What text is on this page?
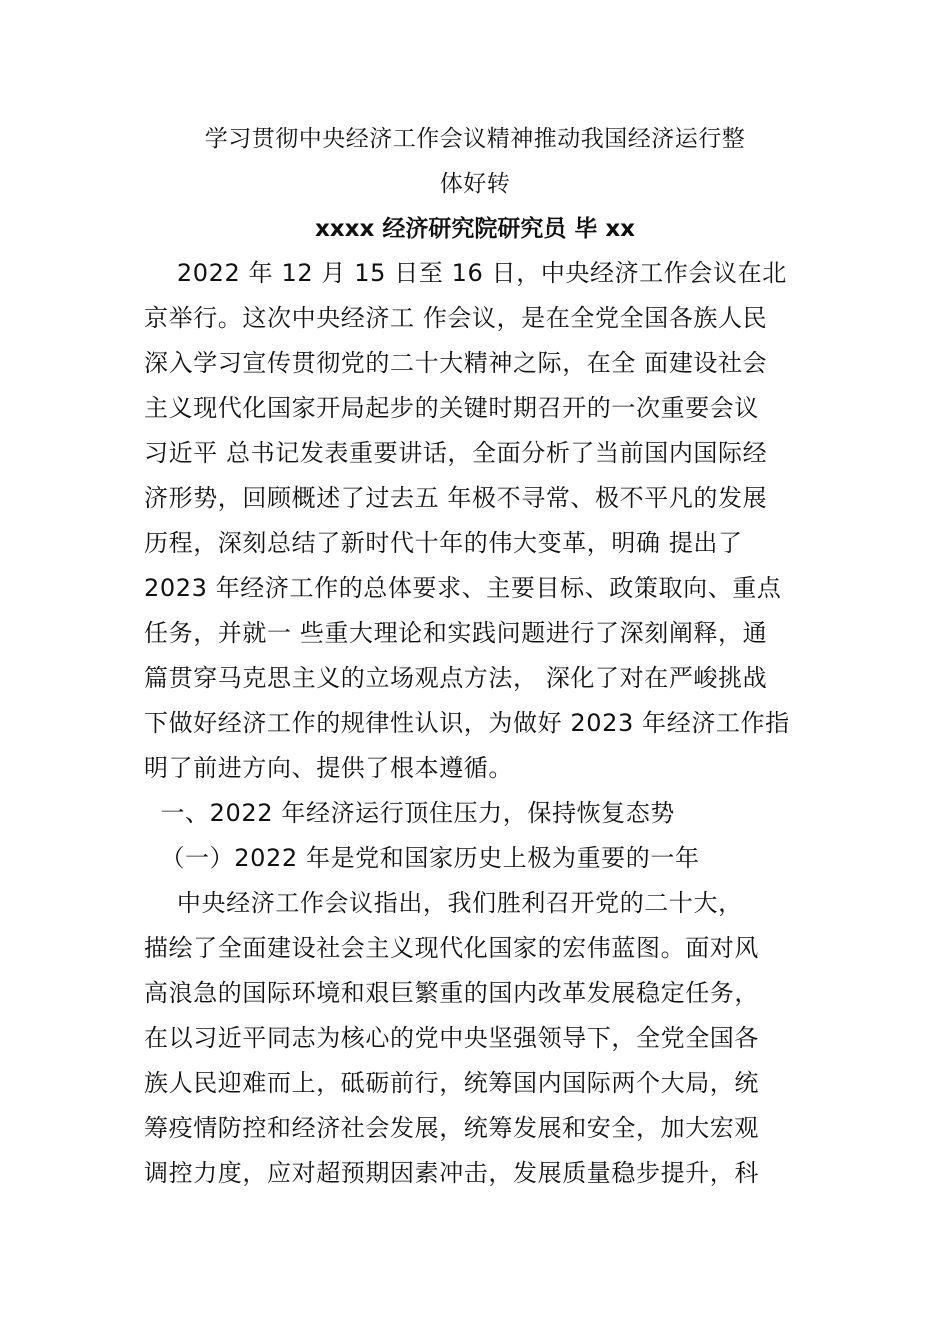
学习贯彻中央经济工作会议精神推动我国经济运行整
体好转
xxxx 经济研究院研究员 毕 xx
2022 年 12 月 15 日至 16 日，中央经济工作会议在北
京举行。这次中央经济工 作会议，是在全党全国各族人民
深入学习宣传贯彻党的二十大精神之际，在全 面建设社会
主义现代化国家开局起步的关键时期召开的一次重要会议
习近平 总书记发表重要讲话，全面分析了当前国内国际经
济形势，回顾概述了过去五 年极不寻常、极不平凡的发展
历程，深刻总结了新时代十年的伟大变革，明确 提出了
2023 年经济工作的总体要求、主要目标、政策取向、重点
任务，并就一 些重大理论和实践问题进行了深刻阐释，通
篇贯穿马克思主义的立场观点方法， 深化了对在严峻挑战
下做好经济工作的规律性认识，为做好 2023 年经济工作指
明了前进方向、提供了根本遵循。
一、2022 年经济运行顶住压力，保持恢复态势
（一）2022 年是党和国家历史上极为重要的一年
中央经济工作会议指出，我们胜利召开党的二十大，
描绘了全面建设社会主义现代化国家的宏伟蓝图。面对风
高浪急的国际环境和艰巨繁重的国内改革发展稳定任务，
在以习近平同志为核心的党中央坚强领导下，全党全国各
族人民迎难而上，砥砺前行，统筹国内国际两个大局，统
筹疫情防控和经济社会发展，统筹发展和安全，加大宏观
调控力度，应对超预期因素冲击，发展质量稳步提升，科
